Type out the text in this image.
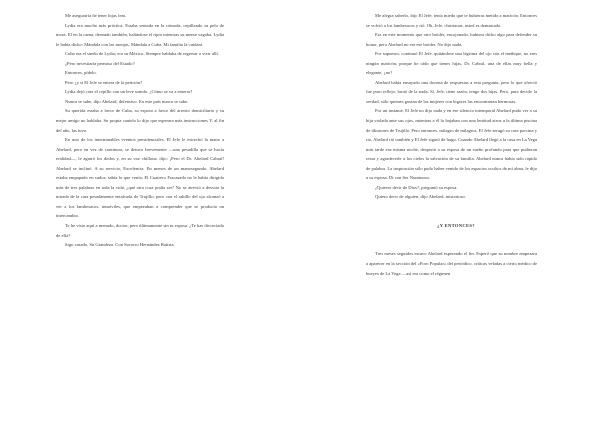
Me aseguraría de tener hijas feas.

Lydia era mucho más práctica. Estaba sentada en la cómoda, cepillando su pelo de mora. El en la cama, desnudo también, halándose el ripio mientras su mente vagaba. Lydia le había dicho: Mándala con las monjas. Mándala a Cuba. Mi familia la cuidará.

Cuba era el sueño de Lydia; era su México. Siempre hablaba de regresar a vivir allí.

¿Pero necesitaría permiso del Estado?

Entonces, pídelo.

Pero ¿y si El Jefe se entera de la petición?

Lydia dejó caer el cepillo con un leve sonido. ¿Cómo se va a enterar?

Nunca se sabe, dijo Abelard, defensivo. En este país nunca se sabe.

Su querida estaba a favor de Cuba, su esposa a favor del arresto domiciliario y su mejor amigo no hablaba. Su propia cautela lo dijo que esperara más instrucciones Y, al fin del año, las tuvo.

En uno de los interminables eventos presidenciales, El Jefe le estrechó la mano a Abelard, pero en vez de continuar, se detuvo brevemente —una pesadilla que se hacía realidad—, le agarró los dedos y, en su voz chillona, dijo: ¡Pero el Dr. Abelard Cabral! Abelard se inclinó. A su servicio, Excelencia. En menos de un manosegundo, Abelard estaba empapado en sudor; sabía lo que venía; El Cuatrero Fracasado no le había dirigido más de tres palabras en toda la vida, ¿qué otra cosa podía ser? No se atrevió a desviar la mirada de la cara pesadamente entalcada de Trujillo, pero con el rabillo del ojo alcanzó a ver a los lambesacos, inmóviles, que empezaban a comprender que se producía un intercambio.

Te he visto aquí a menudo, doctor, pero últimamente sin tu esposa. ¿Te has divorciado de ella?

Sigo casado, Su Grandeza. Con Socorro Hernández Batista.

Me alegra saberlo, dijo El Jefe; tenía miedo que te hubieras metido a maricón. Entonces se volvió a los lambesacos y rió. Oh, Jefe, chirriaron, usted es demasiado.

Era en este momento que otro bróder, encojonado, hubiera dicho algo para defender su honor, pero Abelard no era ese bróder. No dijo nada.

Por supuesto, continuó El Jefe, quitándose una lágrima del ojo con el meñique, no eres ningún maricón, porque he oído que tienes hijas, Dr. Cabral, una de ellas muy bella y elegante, ¿no?

Abelard había ensayado una docena de respuestas a esta pregunta, pero lo que ofreció fue puro reflejo, brotó de la nada: Sí, Jefe, tiene razón, tengo dos hijas. Pero, para decirle la verdad, sólo quienes gustan de las mujeres con bigotes las encontrarían hermosas.

Por un instante, El Jefe no dijo nada y en ese silencio intemporal Abelard pudo ver a su hija violada ante sus ojos, mientras a él lo bajaban con una lentitud atroz a la última piscina de tiburones de Trujillo. Pero entonces, milagro de milagros, El Jefe arrugó su cara porcina y rio, Abelard rió también y El Jefe siguió de largo. Cuando Abelard llegó a la casa en La Vega más tarde esa misma noche, despertó a su esposa de un sueño profundo para que pudieran rezar y agradecerle a los cielos la salvación de su familia. Abelard nunca había sido rápido de palabra. La inspiración sólo pudo haber venido de los espacios ocultos de mi alma, le dijo a su esposa. Di con Ser Numinoso.

¿Quieres decir de Dios?, preguntó su esposa.

Quiero decir de alguien, dijo Abelard, misterioso.

¿Y ENTONCES?

Tres meses seguidos estuvo Abelard esperando el fin. Esperó que su nombre empezara a aparecer en la sección del «Foro Popular» del periódico, críticas veladas a cierto médico de bueyes de La Vega —así era como el régimen
